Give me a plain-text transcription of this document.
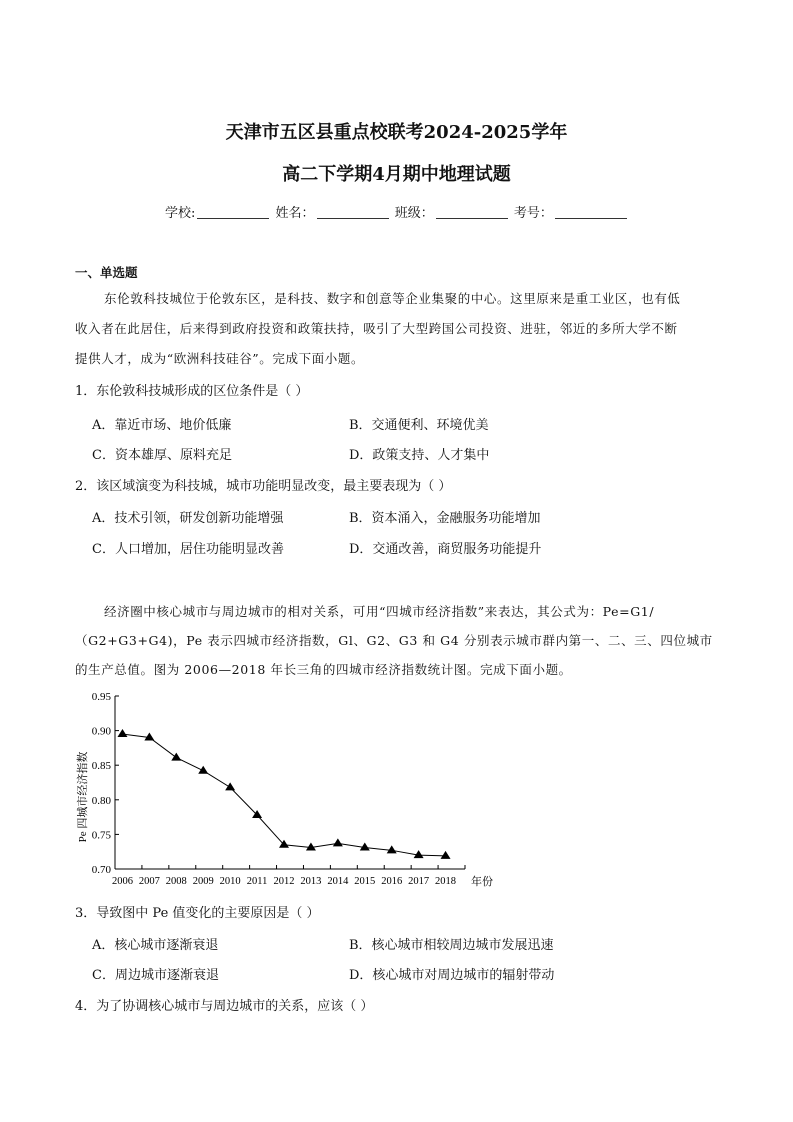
天津市五区县重点校联考2024-2025学年
高二下学期4月期中地理试题
学校:	姓名：	班级：	考号：
一、单选题
东伦敦科技城位于伦敦东区，是科技、数字和创意等企业集聚的中心。这里原来是重工业区，也有低
收入者在此居住，后来得到政府投资和政策扶持，吸引了大型跨国公司投资、进驻，邻近的多所大学不断
提供人才，成为“欧洲科技硅谷”。完成下面小题。
1．东伦敦科技城形成的区位条件是（ ）
A．靠近市场、地价低廉	B．交通便利、环境优美
C．资本雄厚、原料充足	D．政策支持、人才集中
2．该区域演变为科技城，城市功能明显改变，最主要表现为（ ）
A．技术引领，研发创新功能增强	B．资本涌入，金融服务功能增加
C．人口增加，居住功能明显改善	D．交通改善，商贸服务功能提升
经济圈中核心城市与周边城市的相对关系，可用“四城市经济指数”来表达，其公式为：Pe=G1/
（G2+G3+G4)，Pe 表示四城市经济指数，Gl、G2、G3 和 G4 分别表示城市群内第一、二、三、四位城市
的生产总值。图为 2006—2018 年长三角的四城市经济指数统计图。完成下面小题。
0.70
0.75
0.80
0.85
0.90
0.95
2006 2007 2008 2009 2010 2011 2012 2013 2014 2015 2016 2017 2018
Pe 四城市经济指数
年份
3．导致图中 Pe 值变化的主要原因是（ ）
A．核心城市逐渐衰退	B．核心城市相较周边城市发展迅速
C．周边城市逐渐衰退	D．核心城市对周边城市的辐射带动
4．为了协调核心城市与周边城市的关系，应该（ ）
